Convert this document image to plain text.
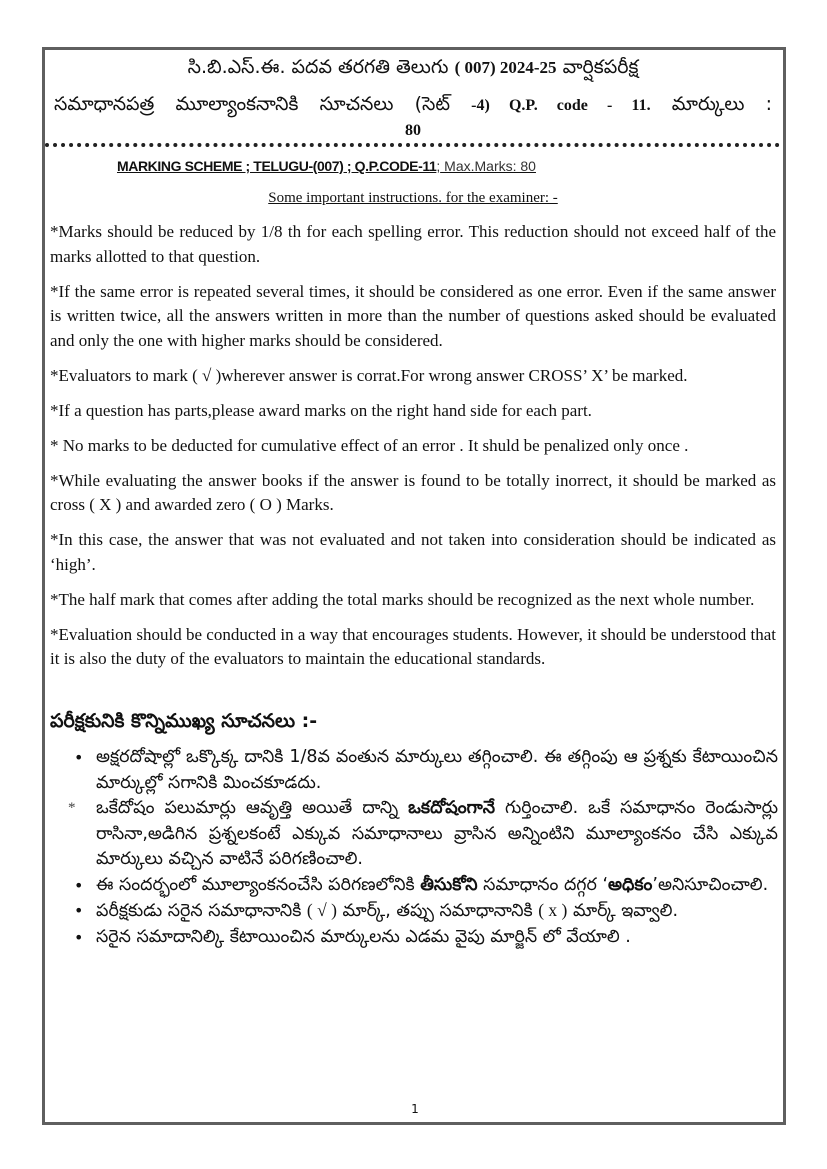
సి.బి.ఎస్.ఈ. పదవ తరగతి తెలుగు ( 007) 2024-25 వార్షికపరీక్ష
సమాధానపత్ర మూల్యాంకనానికి సూచనలు (సెట్ -4) Q.P. code - 11. మార్కులు :
80
MARKING SCHEME ; TELUGU-(007) ; Q.P.CODE-11; Max.Marks: 80
Some important instructions. for the examiner: -

*Marks should be reduced by 1/8 th for each spelling error. This reduction should not exceed half of the marks allotted to that question.

*If the same error is repeated several times, it should be considered as one error. Even if the same answer is written twice, all the answers written in more than the number of questions asked should be evaluated and only the one with higher marks should be considered.

*Evaluators to mark ( √ )wherever answer is corrat.For wrong answer CROSS’ X’ be marked.

*If a question has parts,please award marks on the right hand side for each part.

* No marks to be deducted for cumulative effect of an error . It shuld be penalized only once .

*While evaluating the answer books if the answer is found to be totally inorrect, it should be marked as cross ( X ) and awarded zero ( O ) Marks.

*In this case, the answer that was not evaluated and not taken into consideration should be indicated as ‘high’.

*The half mark that comes after adding the total marks should be recognized as the next whole number.

*Evaluation should be conducted in a way that encourages students. However, it should be understood that it is also the duty of the evaluators to maintain the educational standards.

పరీక్షకునికి కొన్నిముఖ్య సూచనలు :-
• అక్షరదోషాల్లో ఒక్కొక్క దానికి 1/8వ వంతున మార్కులు తగ్గించాలి. ఈ తగ్గింపు ఆ ప్రశ్నకు కేటాయించిన మార్కుల్లో సగానికి మించకూడదు.
* ఒకేదోషం పలుమార్లు ఆవృత్తి అయితే దాన్ని ఒకదోషంగానే గుర్తించాలి. ఒకే సమాధానం రెండుసార్లు రాసినా,అడిగిన ప్రశ్నలకంటే ఎక్కువ సమాధానాలు వ్రాసిన అన్నింటిని మూల్యాంకనం చేసి ఎక్కువ మార్కులు వచ్చిన వాటినే పరిగణించాలి.
• ఈ సందర్భంలో మూల్యాంకనంచేసి పరిగణలోనికి తీసుకోని సమాధానం దగ్గర ‘అధికం’అనిసూచించాలి.
• పరీక్షకుడు సరైన సమాధానానికి ( √ ) మార్క్, తప్పు సమాధానానికి ( x ) మార్క్ ఇవ్వాలి.
• సరైన సమాదానిల్కి కేటాయించిన మార్కులను ఎడమ వైపు మార్జిన్ లో వేయాలి .
1
